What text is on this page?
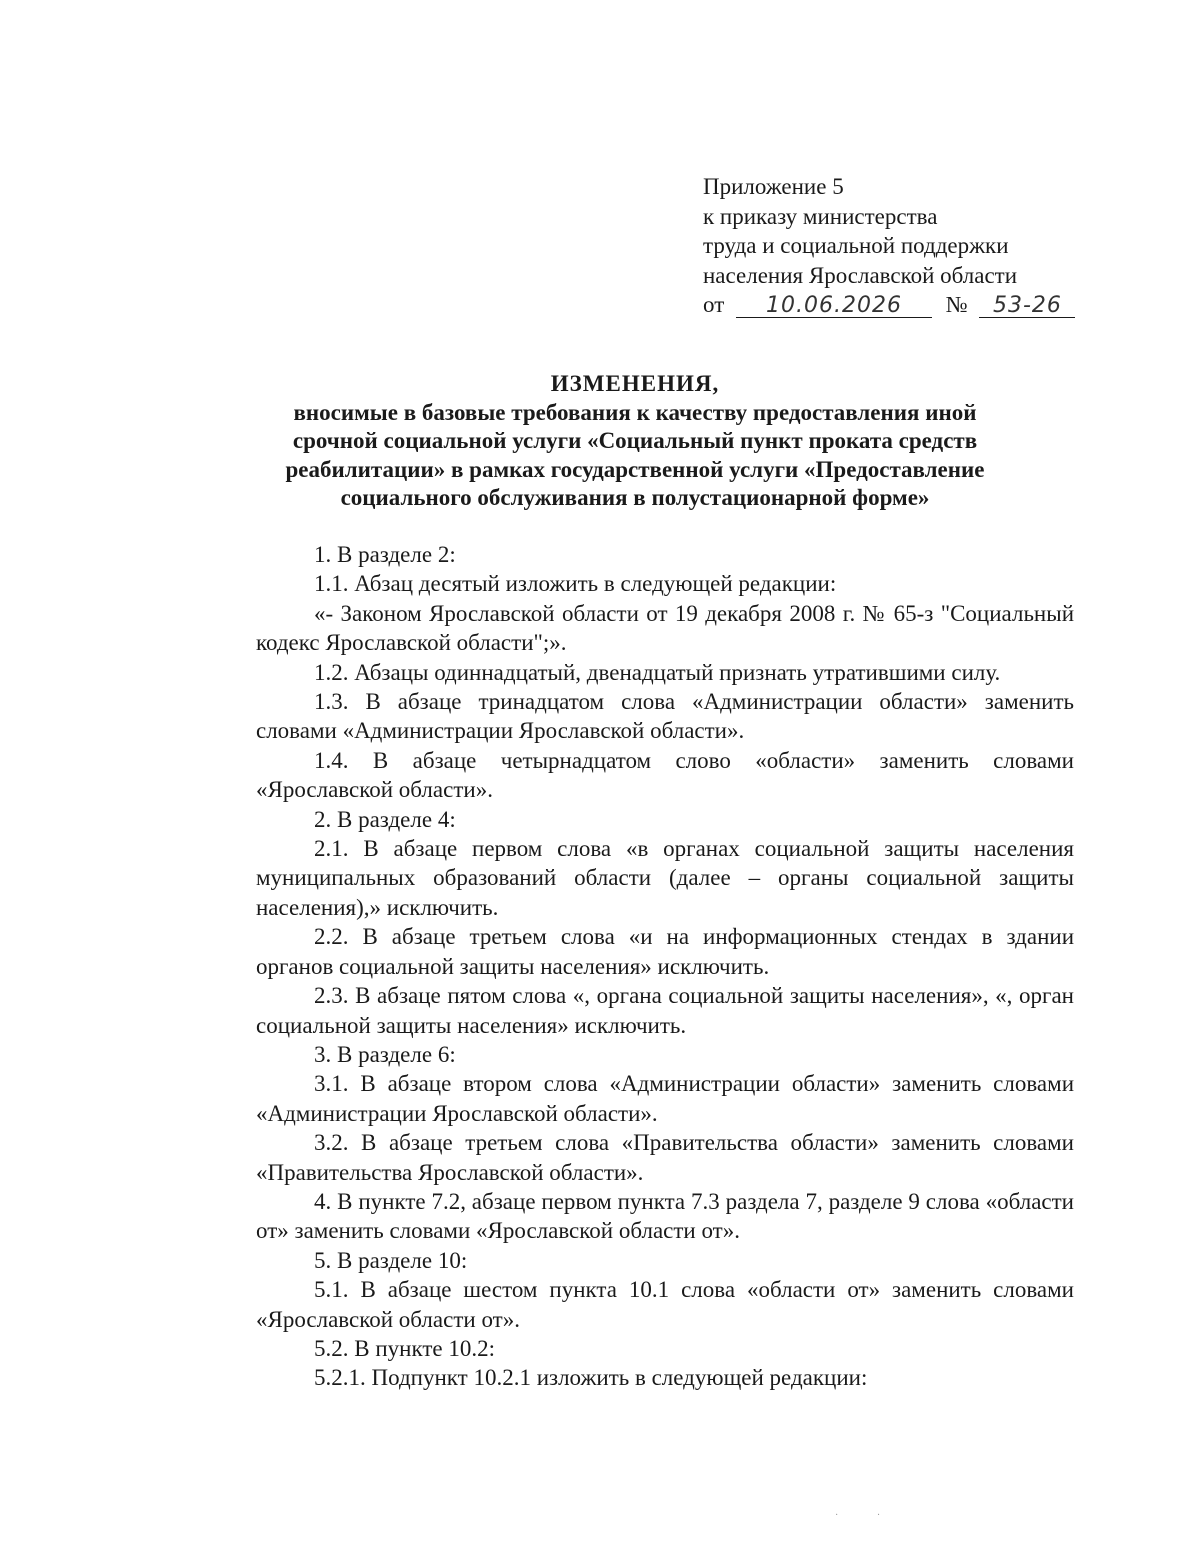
Приложение 5
к приказу министерства
труда и социальной поддержки
населения Ярославской области
от 10.06.2026 № 53-26
ИЗМЕНЕНИЯ,
вносимые в базовые требования к качеству предоставления иной срочной социальной услуги «Социальный пункт проката средств реабилитации» в рамках государственной услуги «Предоставление социального обслуживания в полустационарной форме»

1. В разделе 2:

1.1. Абзац десятый изложить в следующей редакции:

«- Законом Ярославской области от 19 декабря 2008 г. № 65-з "Социальный кодекс Ярославской области";».

1.2. Абзацы одиннадцатый, двенадцатый признать утратившими силу.

1.3. В абзаце тринадцатом слова «Администрации области» заменить словами «Администрации Ярославской области».

1.4. В абзаце четырнадцатом слово «области» заменить словами «Ярославской области».

2. В разделе 4:

2.1. В абзаце первом слова «в органах социальной защиты населения муниципальных образований области (далее – органы социальной защиты населения),» исключить.

2.2. В абзаце третьем слова «и на информационных стендах в здании органов социальной защиты населения» исключить.

2.3. В абзаце пятом слова «, органа социальной защиты населения», «, орган социальной защиты населения» исключить.

3. В разделе 6:

3.1. В абзаце втором слова «Администрации области» заменить словами «Администрации Ярославской области».

3.2. В абзаце третьем слова «Правительства области» заменить словами «Правительства Ярославской области».

4. В пункте 7.2, абзаце первом пункта 7.3 раздела 7, разделе 9 слова «области от» заменить словами «Ярославской области от».

5. В разделе 10:

5.1. В абзаце шестом пункта 10.1 слова «области от» заменить словами «Ярославской области от».

5.2. В пункте 10.2:

5.2.1. Подпункт 10.2.1 изложить в следующей редакции:

· ·
